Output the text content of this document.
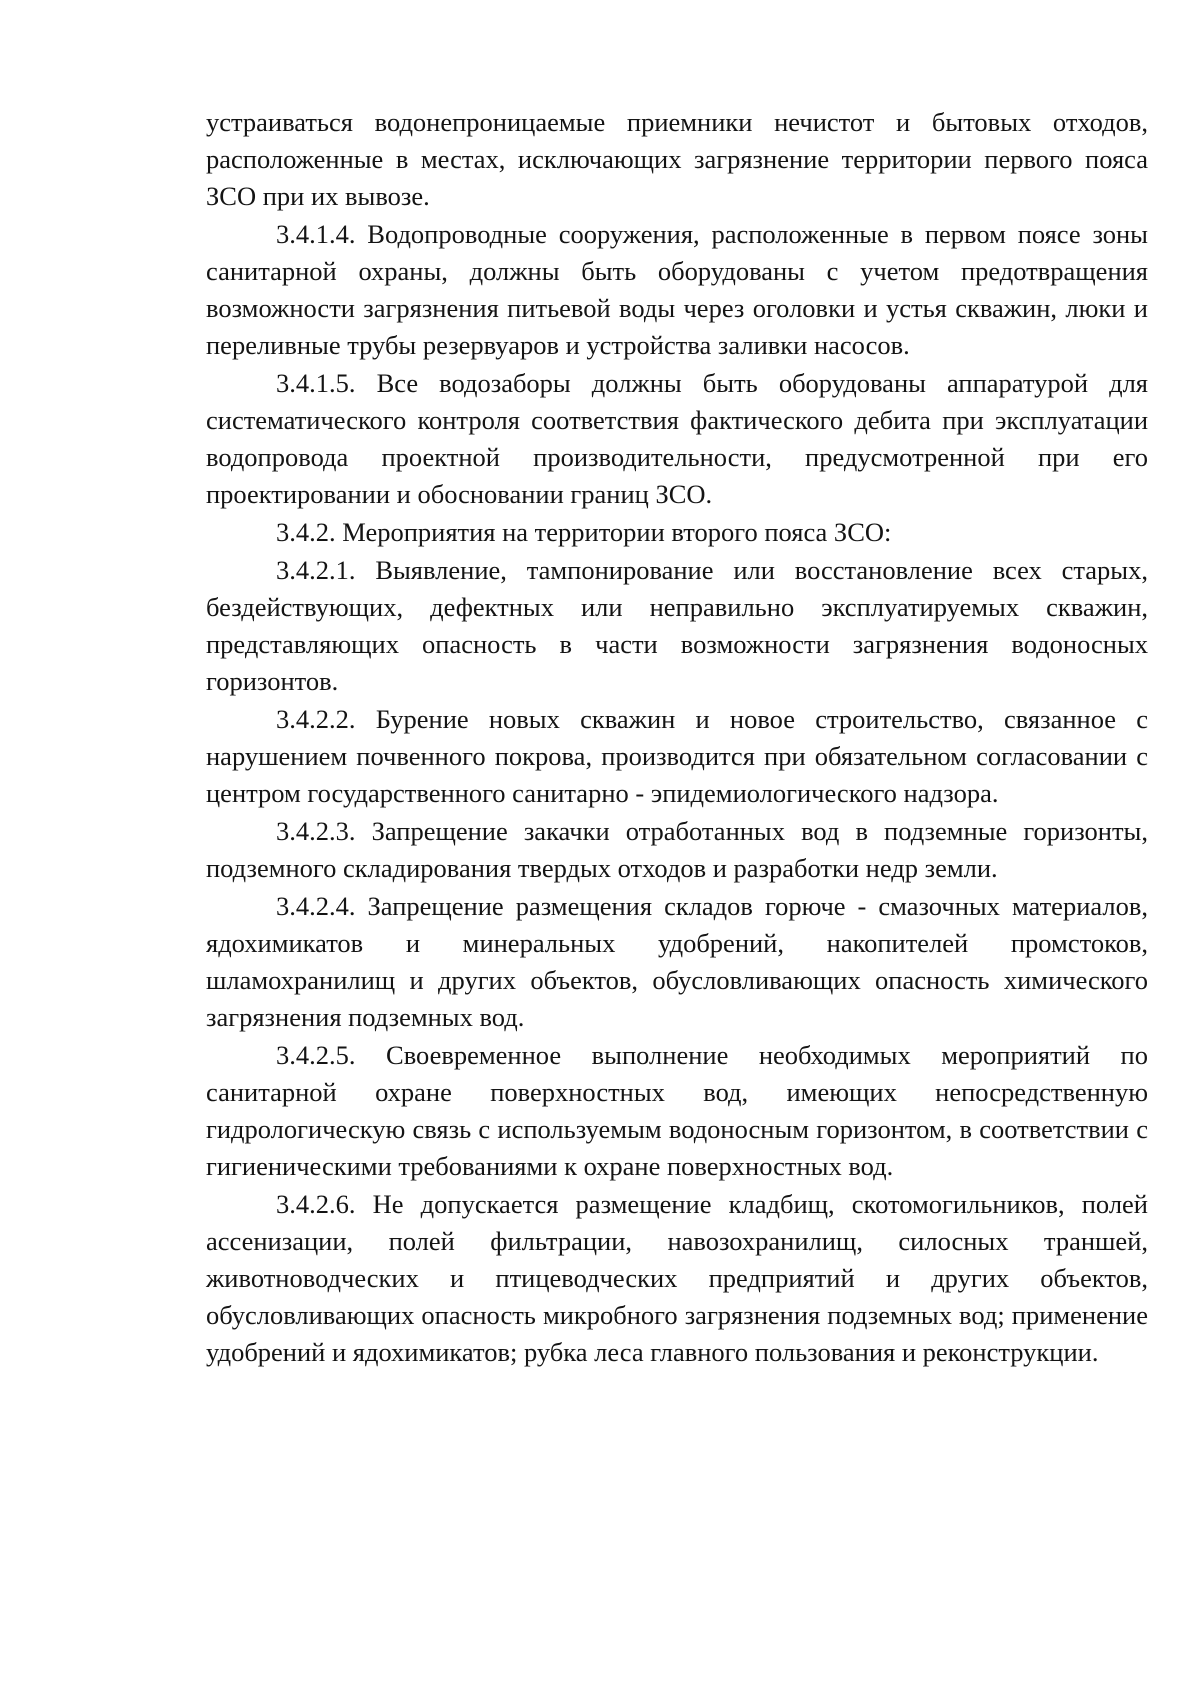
устраиваться водонепроницаемые приемники нечистот и бытовых отходов, расположенные в местах, исключающих загрязнение территории первого пояса ЗСО при их вывозе.

3.4.1.4. Водопроводные сооружения, расположенные в первом поясе зоны санитарной охраны, должны быть оборудованы с учетом предотвращения возможности загрязнения питьевой воды через оголовки и устья скважин, люки и переливные трубы резервуаров и устройства заливки насосов.

3.4.1.5. Все водозаборы должны быть оборудованы аппаратурой для систематического контроля соответствия фактического дебита при эксплуатации водопровода проектной производительности, предусмотренной при его проектировании и обосновании границ ЗСО.

3.4.2. Мероприятия на территории второго пояса ЗСО:

3.4.2.1. Выявление, тампонирование или восстановление всех старых, бездействующих, дефектных или неправильно эксплуатируемых скважин, представляющих опасность в части возможности загрязнения водоносных горизонтов.

3.4.2.2. Бурение новых скважин и новое строительство, связанное с нарушением почвенного покрова, производится при обязательном согласовании с центром государственного санитарно - эпидемиологического надзора.

3.4.2.3. Запрещение закачки отработанных вод в подземные горизонты, подземного складирования твердых отходов и разработки недр земли.

3.4.2.4. Запрещение размещения складов горюче - смазочных материалов, ядохимикатов и минеральных удобрений, накопителей промстоков, шламохранилищ и других объектов, обусловливающих опасность химического загрязнения подземных вод.

3.4.2.5. Своевременное выполнение необходимых мероприятий по санитарной охране поверхностных вод, имеющих непосредственную гидрологическую связь с используемым водоносным горизонтом, в соответствии с гигиеническими требованиями к охране поверхностных вод.

3.4.2.6. Не допускается размещение кладбищ, скотомогильников, полей ассенизации, полей фильтрации, навозохранилищ, силосных траншей, животноводческих и птицеводческих предприятий и других объектов, обусловливающих опасность микробного загрязнения подземных вод; применение удобрений и ядохимикатов; рубка леса главного пользования и реконструкции.
